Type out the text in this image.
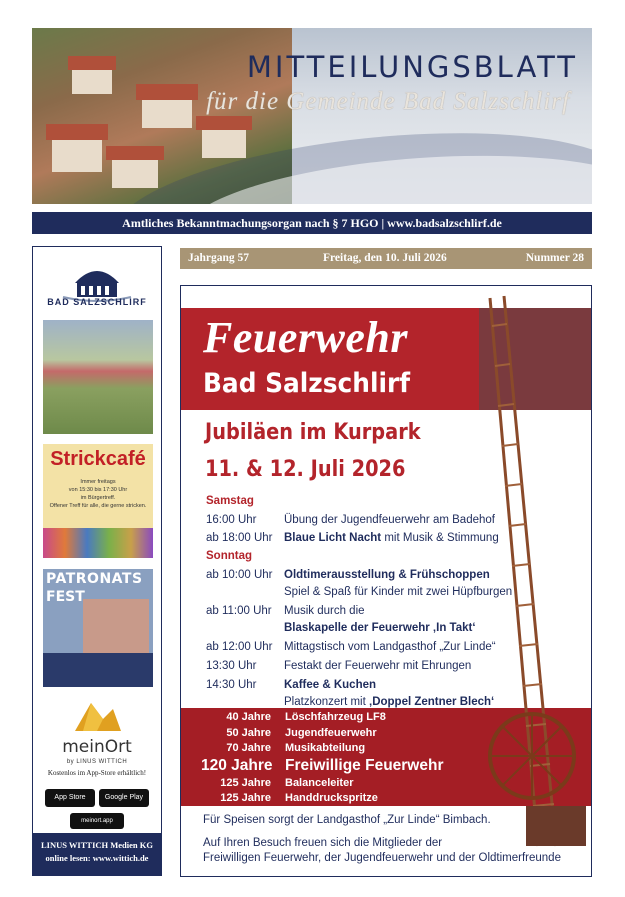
MITTEILUNGSBLATT
für die Gemeinde Bad Salzschlirf
Amtliches Bekanntmachungsorgan nach § 7 HGO | www.badsalzschlirf.de
BAD SALZSCHLIRF
Strickcafé
Immer freitags
von 15:30 bis 17:30 Uhr
im Bürgertreff.
Offener Treff für alle, die gerne stricken.
PATRONATS
FEST
meinOrt
by LINUS WITTICH
Kostenlos im App-Store erhältlich!
App Store	Google Play
meinort.app
LINUS WITTICH Medien KG
online lesen: www.wittich.de
Jahrgang 57	Freitag, den 10. Juli 2026	Nummer 28
Feuerwehr
Bad Salzschlirf
Jubiläen im Kurpark
11. & 12. Juli 2026
Samstag
16:00 Uhr Übung der Jugendfeuerwehr am Badehof
ab 18:00 Uhr Blaue Licht Nacht mit Musik & Stimmung
Sonntag
ab 10:00 Uhr Oldtimerausstellung & Frühschoppen
Spiel & Spaß für Kinder mit zwei Hüpfburgen
ab 11:00 Uhr Musik durch die
Blaskapelle der Feuerwehr ‚In Takt‘
ab 12:00 Uhr Mittagstisch vom Landgasthof „Zur Linde“
13:30 Uhr Festakt der Feuerwehr mit Ehrungen
14:30 Uhr Kaffee & Kuchen
Platzkonzert mit ‚Doppel Zentner Blech‘
40 Jahre Löschfahrzeug LF8
50 Jahre Jugendfeuerwehr
70 Jahre Musikabteilung
120 Jahre Freiwillige Feuerwehr
125 Jahre Balanceleiter
125 Jahre Handdruckspritze
Für Speisen sorgt der Landgasthof „Zur Linde“ Bimbach.
Auf Ihren Besuch freuen sich die Mitglieder der
Freiwilligen Feuerwehr, der Jugendfeuerwehr und der Oldtimerfreunde
